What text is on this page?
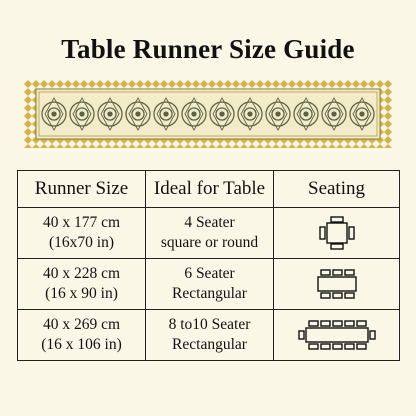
Table Runner Size Guide
Runner Size	Ideal for Table	Seating

40 x 177 cm
(16x70 in)	4 Seater
square or round

40 x 228 cm
(16 x 90 in)	6 Seater
Rectangular

40 x 269 cm
(16 x 106 in)	8 to10 Seater
Rectangular
